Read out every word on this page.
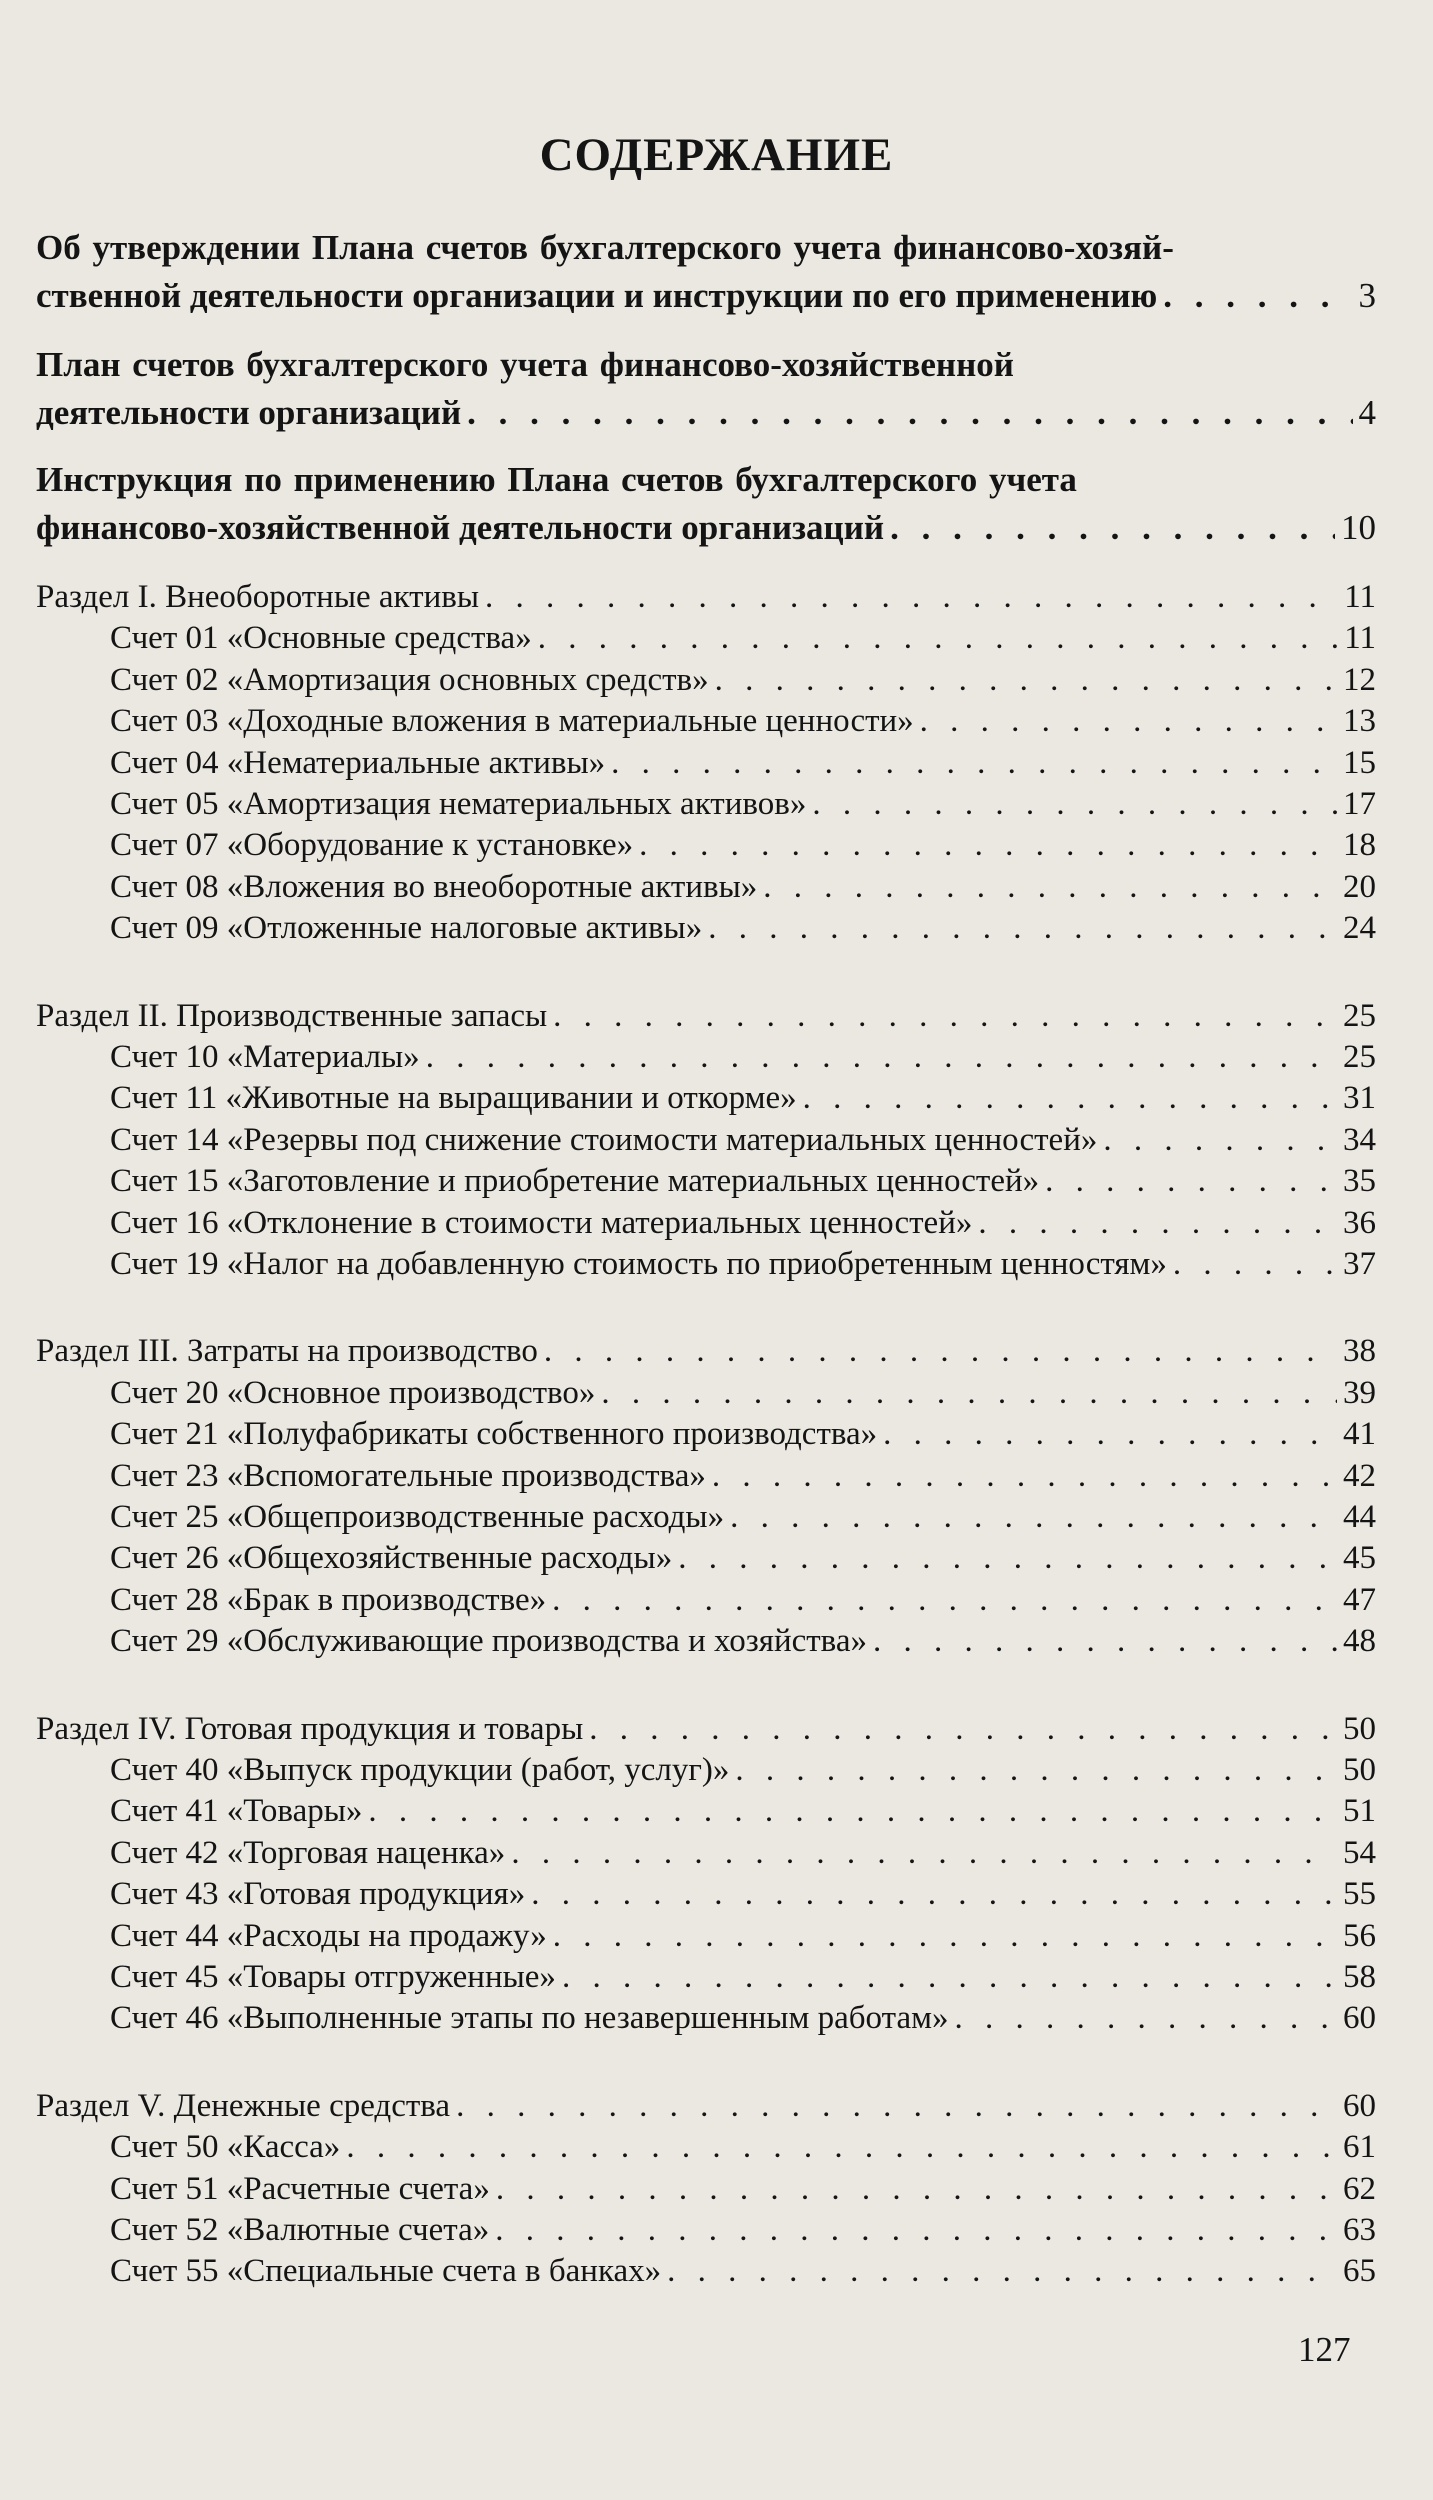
СОДЕРЖАНИЕ
Об утверждении Плана счетов бухгалтерского учета финансово-хозяй-
ственной деятельности организации и инструкции по его применению . . .	3
План счетов бухгалтерского учета финансово-хозяйственной
деятельности организаций . . .	4
Инструкция по применению Плана счетов бухгалтерского учета
финансово-хозяйственной деятельности организаций . . .	10
Раздел I. Внеоборотные активы . . .	11
Счет 01 «Основные средства» . . .	11
Счет 02 «Амортизация основных средств» . . .	12
Счет 03 «Доходные вложения в материальные ценности» . . .	13
Счет 04 «Нематериальные активы» . . .	15
Счет 05 «Амортизация нематериальных активов» . . .	17
Счет 07 «Оборудование к установке» . . .	18
Счет 08 «Вложения во внеоборотные активы» . . .	20
Счет 09 «Отложенные налоговые активы» . . .	24
Раздел II. Производственные запасы . . .	25
Счет 10 «Материалы» . . .	25
Счет 11 «Животные на выращивании и откорме» . . .	31
Счет 14 «Резервы под снижение стоимости материальных ценностей» . . .	34
Счет 15 «Заготовление и приобретение материальных ценностей» . . .	35
Счет 16 «Отклонение в стоимости материальных ценностей» . . .	36
Счет 19 «Налог на добавленную стоимость по приобретенным ценностям» . . .	37
Раздел III. Затраты на производство . . .	38
Счет 20 «Основное производство» . . .	39
Счет 21 «Полуфабрикаты собственного производства» . . .	41
Счет 23 «Вспомогательные производства» . . .	42
Счет 25 «Общепроизводственные расходы» . . .	44
Счет 26 «Общехозяйственные расходы» . . .	45
Счет 28 «Брак в производстве» . . .	47
Счет 29 «Обслуживающие производства и хозяйства» . . .	48
Раздел IV. Готовая продукция и товары . . .	50
Счет 40 «Выпуск продукции (работ, услуг)» . . .	50
Счет 41 «Товары» . . .	51
Счет 42 «Торговая наценка» . . .	54
Счет 43 «Готовая продукция» . . .	55
Счет 44 «Расходы на продажу» . . .	56
Счет 45 «Товары отгруженные» . . .	58
Счет 46 «Выполненные этапы по незавершенным работам» . . .	60
Раздел V. Денежные средства . . .	60
Счет 50 «Касса» . . .	61
Счет 51 «Расчетные счета» . . .	62
Счет 52 «Валютные счета» . . .	63
Счет 55 «Специальные счета в банках» . . .	65
127
